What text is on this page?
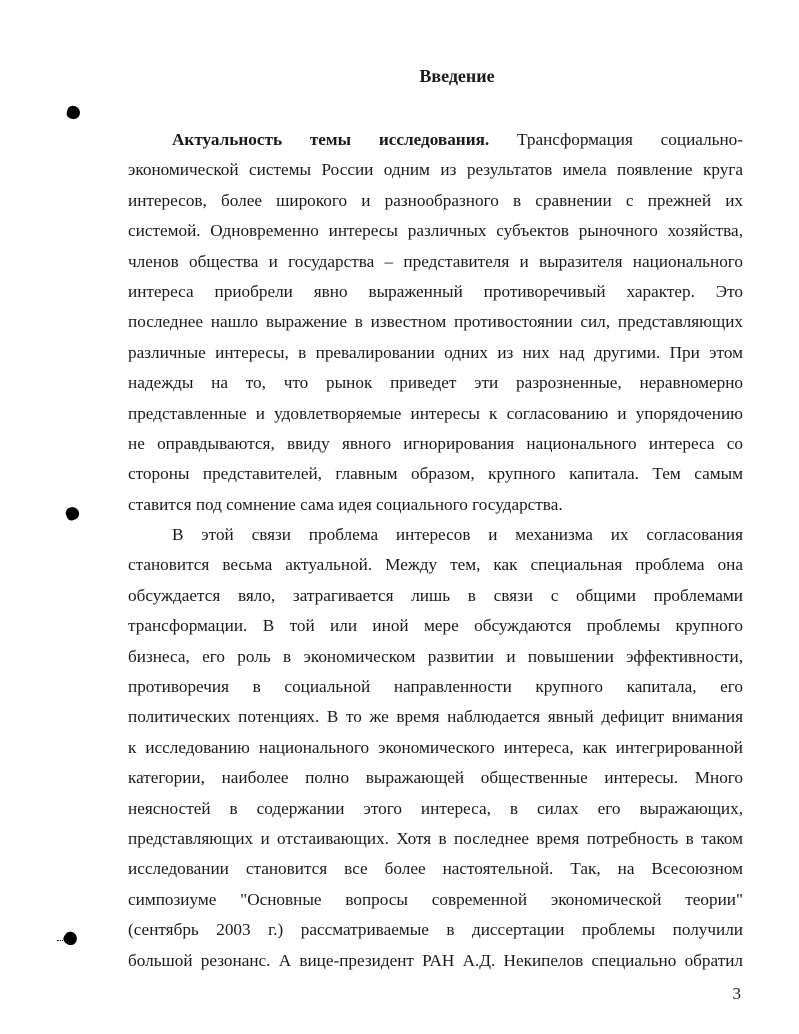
Введение
Актуальность темы исследования. Трансформация социально-
экономической системы России одним из результатов имела появление круга
интересов, более широкого и разнообразного в сравнении с прежней их
системой. Одновременно интересы различных субъектов рыночного хозяйства,
членов общества и государства – представителя и выразителя национального
интереса приобрели явно выраженный противоречивый характер. Это
последнее нашло выражение в известном противостоянии сил, представляющих
различные интересы, в превалировании одних из них над другими. При этом
надежды на то, что рынок приведет эти разрозненные, неравномерно
представленные и удовлетворяемые интересы к согласованию и упорядочению
не оправдываются, ввиду явного игнорирования национального интереса со
стороны представителей, главным образом, крупного капитала. Тем самым
ставится под сомнение сама идея социального государства.
В этой связи проблема интересов и механизма их согласования
становится весьма актуальной. Между тем, как специальная проблема она
обсуждается вяло, затрагивается лишь в связи с общими проблемами
трансформации. В той или иной мере обсуждаются проблемы крупного
бизнеса, его роль в экономическом развитии и повышении эффективности,
противоречия в социальной направленности крупного капитала, его
политических потенциях. В то же время наблюдается явный дефицит внимания
к исследованию национального экономического интереса, как интегрированной
категории, наиболее полно выражающей общественные интересы. Много
неясностей в содержании этого интереса, в силах его выражающих,
представляющих и отстаивающих. Хотя в последнее время потребность в таком
исследовании становится все более настоятельной. Так, на Всесоюзном
симпозиуме "Основные вопросы современной экономической теории"
(сентябрь 2003 г.) рассматриваемые в диссертации проблемы получили
большой резонанс. А вице-президент РАН А.Д. Некипелов специально обратил
3
